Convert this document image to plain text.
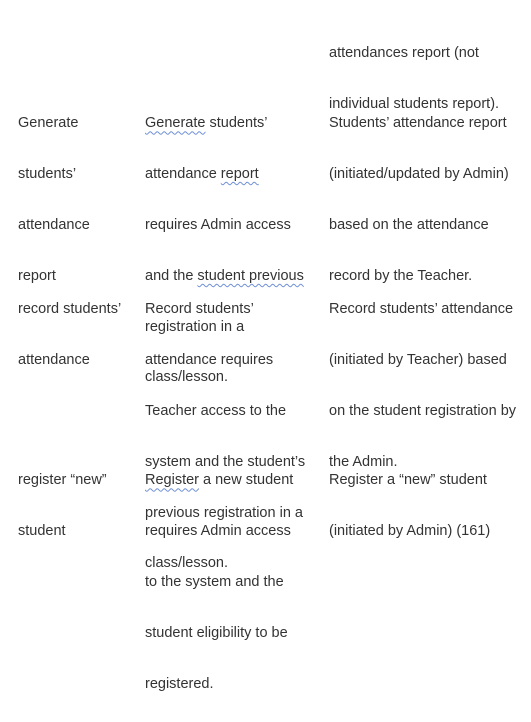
attendances report (not

individual students report).

Generate

students’

attendance

report

Generate students’

attendance report

requires Admin access

and the student previous

registration in a

class/lesson.

Students’ attendance report

(initiated/updated by Admin)

based on the attendance

record by the Teacher.

record students’

attendance

Record students’

attendance requires

Teacher access to the

system and the student’s

previous registration in a

class/lesson.

Record students’ attendance

(initiated by Teacher) based

on the student registration by

the Admin.

register “new”

student

Register a new student

requires Admin access

to the system and the

student eligibility to be

registered.

Register a “new” student

(initiated by Admin) (161)
